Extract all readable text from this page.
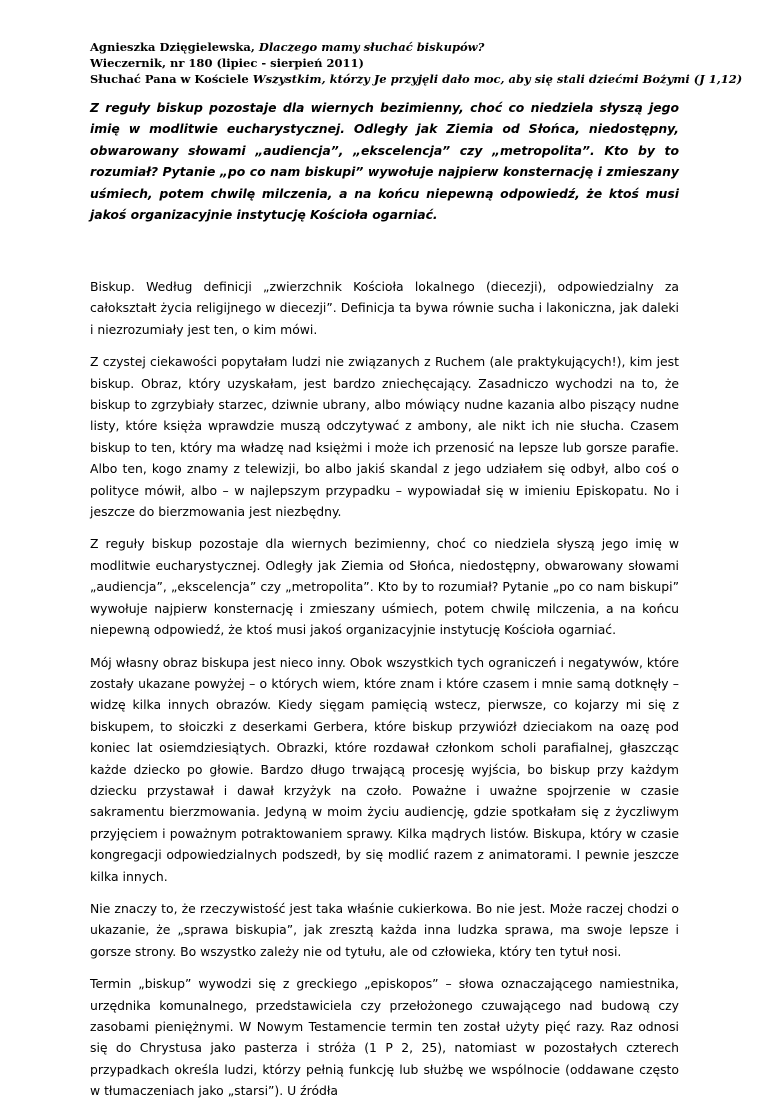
Agnieszka Dzięgielewska, Dlaczego mamy słuchać biskupów?
Wieczernik, nr 180 (lipiec - sierpień 2011)
Słuchać Pana w Kościele Wszystkim, którzy Je przyjęli dało moc, aby się stali dziećmi Bożymi (J 1,12)

Z reguły biskup pozostaje dla wiernych bezimienny, choć co niedziela słyszą jego imię w modlitwie eucharystycznej. Odległy jak Ziemia od Słońca, niedostępny, obwarowany słowami „audiencja”, „ekscelencja” czy „metropolita”. Kto by to rozumiał? Pytanie „po co nam biskupi” wywołuje najpierw konsternację i zmieszany uśmiech, potem chwilę milczenia, a na końcu niepewną odpowiedź, że ktoś musi jakoś organizacyjnie instytucję Kościoła ogarniać.

Biskup. Według definicji „zwierzchnik Kościoła lokalnego (diecezji), odpowiedzialny za całokształt życia religijnego w diecezji”. Definicja ta bywa równie sucha i lakoniczna, jak daleki i niezrozumiały jest ten, o kim mówi.

Z czystej ciekawości popytałam ludzi nie związanych z Ruchem (ale praktykujących!), kim jest biskup. Obraz, który uzyskałam, jest bardzo zniechęcający. Zasadniczo wychodzi na to, że biskup to zgrzybiały starzec, dziwnie ubrany, albo mówiący nudne kazania albo piszący nudne listy, które księża wprawdzie muszą odczytywać z ambony, ale nikt ich nie słucha. Czasem biskup to ten, który ma władzę nad księżmi i może ich przenosić na lepsze lub gorsze parafie. Albo ten, kogo znamy z telewizji, bo albo jakiś skandal z jego udziałem się odbył, albo coś o polityce mówił, albo – w najlepszym przypadku – wypowiadał się w imieniu Episkopatu. No i jeszcze do bierzmowania jest niezbędny.

Z reguły biskup pozostaje dla wiernych bezimienny, choć co niedziela słyszą jego imię w modlitwie eucharystycznej. Odległy jak Ziemia od Słońca, niedostępny, obwarowany słowami „audiencja”, „ekscelencja” czy „metropolita”. Kto by to rozumiał? Pytanie „po co nam biskupi” wywołuje najpierw konsternację i zmieszany uśmiech, potem chwilę milczenia, a na końcu niepewną odpowiedź, że ktoś musi jakoś organizacyjnie instytucję Kościoła ogarniać.

Mój własny obraz biskupa jest nieco inny. Obok wszystkich tych ograniczeń i negatywów, które zostały ukazane powyżej – o których wiem, które znam i które czasem i mnie samą dotknęły – widzę kilka innych obrazów. Kiedy sięgam pamięcią wstecz, pierwsze, co kojarzy mi się z biskupem, to słoiczki z deserkami Gerbera, które biskup przywiózł dzieciakom na oazę pod koniec lat osiemdziesiątych. Obrazki, które rozdawał członkom scholi parafialnej, głaszcząc każde dziecko po głowie. Bardzo długo trwającą procesję wyjścia, bo biskup przy każdym dziecku przystawał i dawał krzyżyk na czoło. Poważne i uważne spojrzenie w czasie sakramentu bierzmowania. Jedyną w moim życiu audiencję, gdzie spotkałam się z życzliwym przyjęciem i poważnym potraktowaniem sprawy. Kilka mądrych listów. Biskupa, który w czasie kongregacji odpowiedzialnych podszedł, by się modlić razem z animatorami. I pewnie jeszcze kilka innych.

Nie znaczy to, że rzeczywistość jest taka właśnie cukierkowa. Bo nie jest. Może raczej chodzi o ukazanie, że „sprawa biskupia”, jak zresztą każda inna ludzka sprawa, ma swoje lepsze i gorsze strony. Bo wszystko zależy nie od tytułu, ale od człowieka, który ten tytuł nosi.

Termin „biskup” wywodzi się z greckiego „episkopos” – słowa oznaczającego namiestnika, urzędnika komunalnego, przedstawiciela czy przełożonego czuwającego nad budową czy zasobami pieniężnymi. W Nowym Testamencie termin ten został użyty pięć razy. Raz odnosi się do Chrystusa jako pasterza i stróża (1 P 2, 25), natomiast w pozostałych czterech przypadkach określa ludzi, którzy pełnią funkcję lub służbę we wspólnocie (oddawane często w tłumaczeniach jako „starsi”). U źródła
